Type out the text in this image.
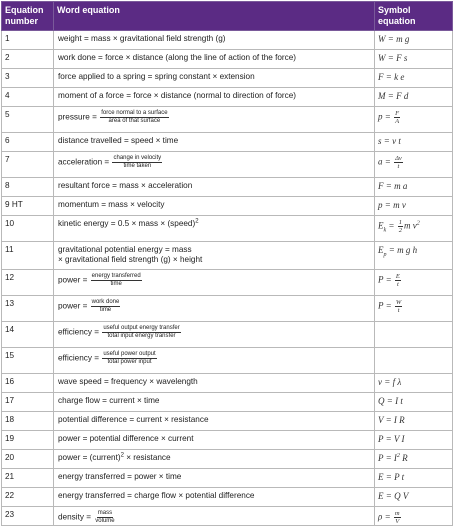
Equation number	Word equation	Symbol equation
1	weight = mass × gravitational field strength (g)	W = m g
2	work done = force × distance (along the line of action of the force)	W = F s
3	force applied to a spring = spring constant × extension	F = k e
4	moment of a force = force × distance (normal to direction of force)	M = F d
5	pressure = $\frac{\text{force normal to a surface}}{\text{area of that surface}}$	$p = \frac{F}{A}$

6	distance travelled = speed × time	s = v t
7	acceleration = $\frac{\text{change in velocity}}{\text{time taken}}$	$a = \frac{\Delta v}{t}$

8	resultant force = mass × acceleration	F = m a
9 HT	momentum = mass × velocity	p = m v
10	kinetic energy = 0.5 × mass × (speed)$^2$	$E_k = \frac{1}{2}$ m $v^2$
11	gravitational potential energy = mass
× gravitational field strength (g) × height	$E_p = m$ g h
12	power = $\frac{\text{energy transferred}}{\text{time}}$	$P = \frac{E}{t}$

13	power = $\frac{\text{work done}}{\text{time}}$	$P = \frac{W}{t}$

14	efficiency = $\frac{\text{useful output energy transfer}}{\text{total input energy transfer}}$

15	efficiency = $\frac{\text{useful power output}}{\text{total power input}}$

16	wave speed = frequency × wavelength	v = f λ
17	charge flow = current × time	Q = I t
18	potential difference = current × resistance	V = I R
19	power = potential difference × current	P = V I
20	power = (current)$^2$ × resistance	$P = I^2$ R
21	energy transferred = power × time	E = P t
22	energy transferred = charge flow × potential difference	E = Q V
23	density = $\frac{\text{mass}}{\text{volume}}$	$\rho = \frac{m}{V}$
